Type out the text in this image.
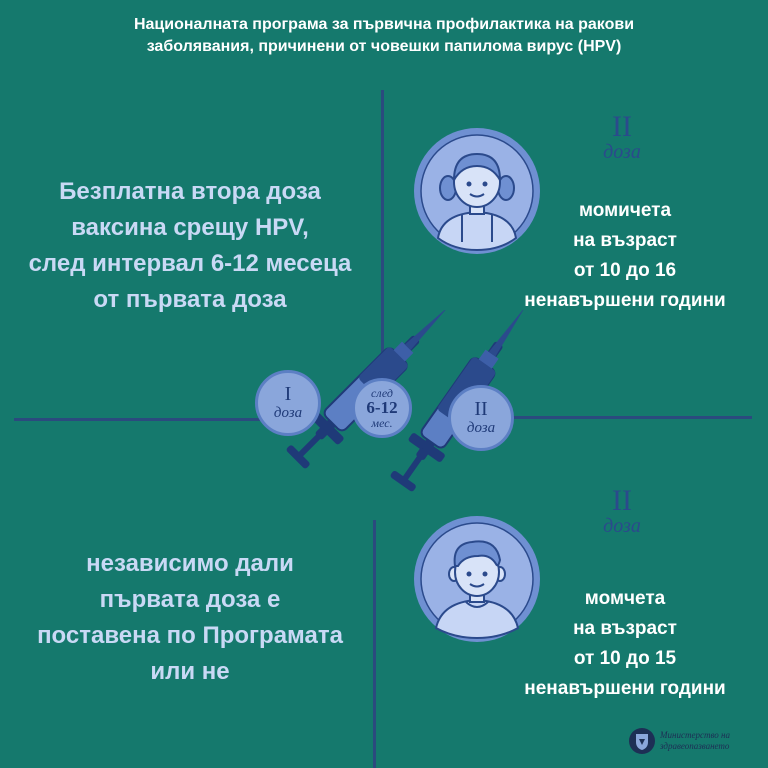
Националната програма за първична профилактика на ракови
заболявания, причинени от човешки папилома вирус (HPV)
Безплатна втора доза
ваксина срещу HPV,
след интервал 6-12 месеца
от първата доза
независимо дали
първата доза е
поставена по Програмата
или не
II
доза
момичета
на възраст
от 10 до 16
ненавършени години
II
доза
момчета
на възраст
от 10 до 15
ненавършени години
I
доза
след
6-12
мес.
II
доза
Министерство на
здравеопазването
